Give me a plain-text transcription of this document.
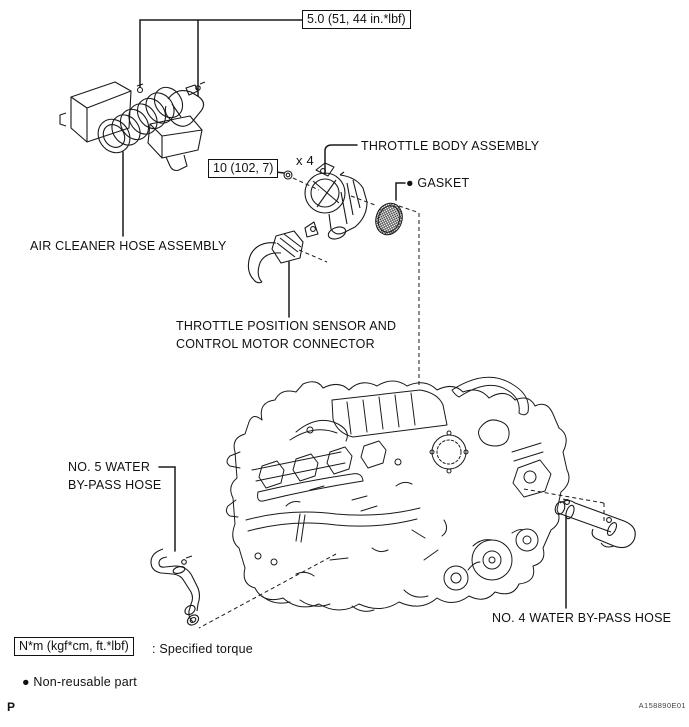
5.0 (51, 44 in.*lbf)
10 (102, 7)	x 4
AIR CLEANER HOSE ASSEMBLY
THROTTLE BODY ASSEMBLY
● GASKET
THROTTLE POSITION SENSOR AND
CONTROL MOTOR CONNECTOR
NO. 5 WATER
BY-PASS HOSE
NO. 4 WATER BY-PASS HOSE
N*m (kgf*cm, ft.*lbf)	: Specified torque
● Non-reusable part
P	A158890E01
